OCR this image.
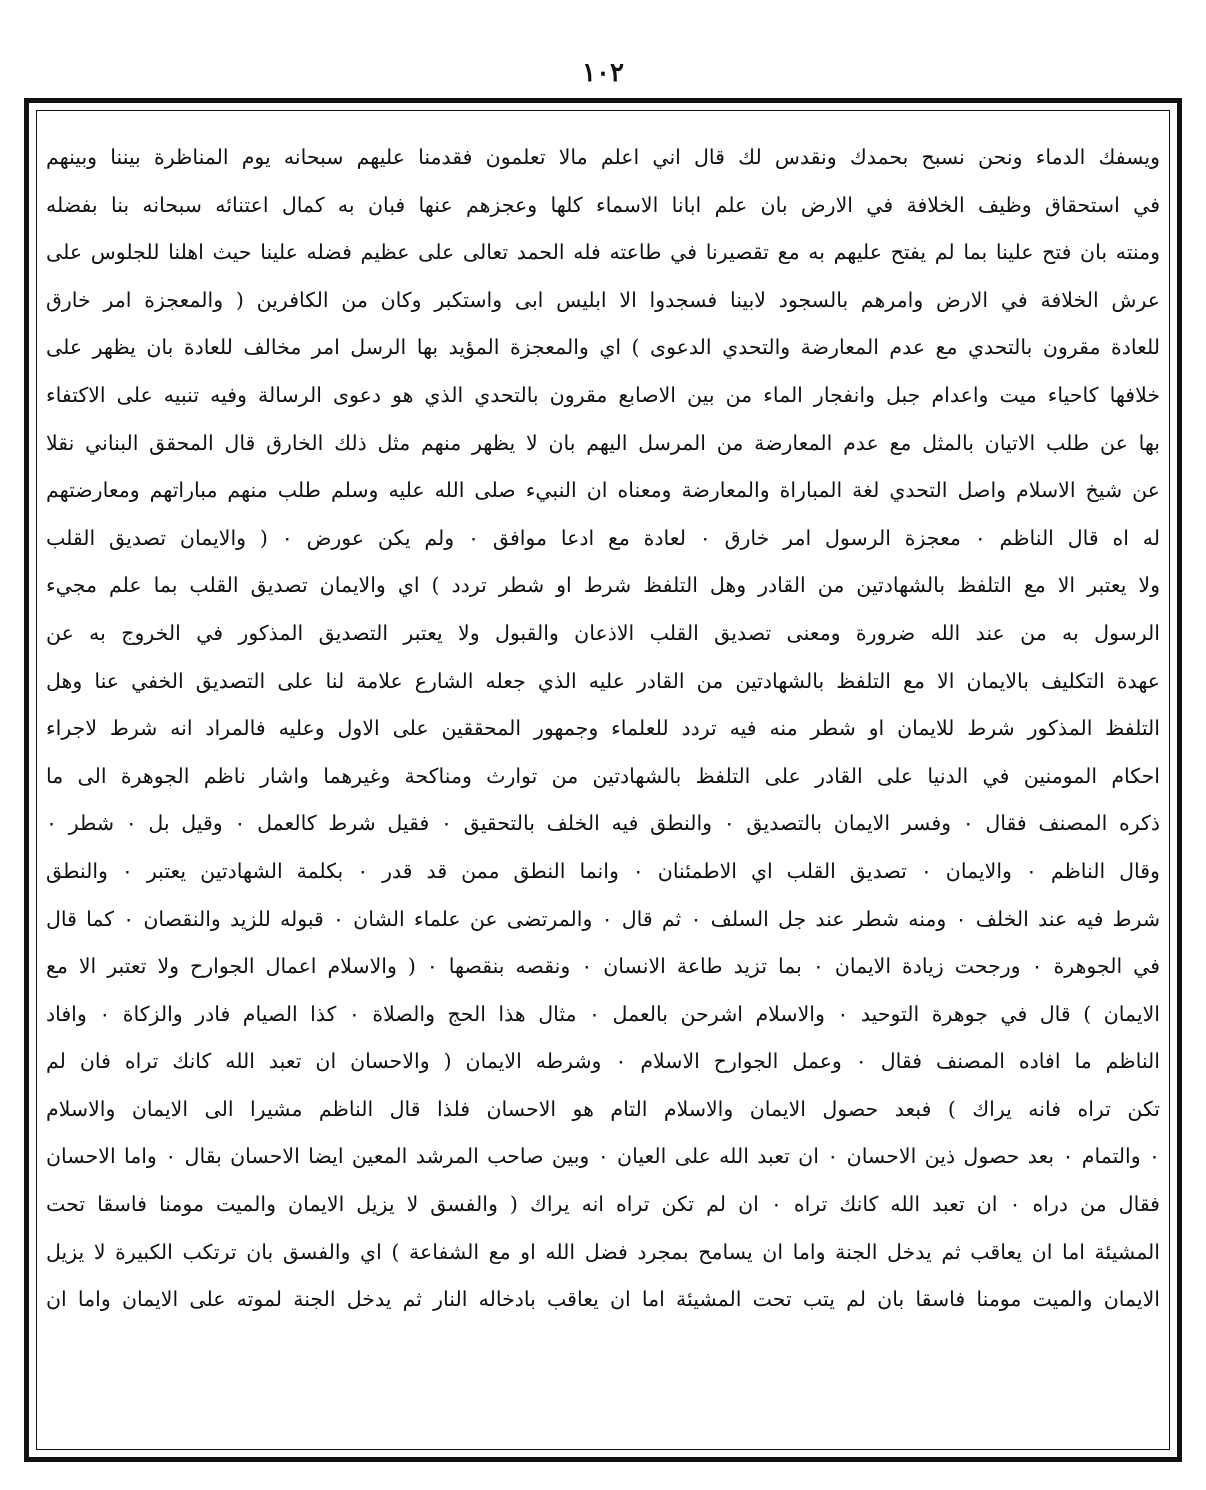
١٠٢
ويسفك الدماء ونحن نسبح بحمدك ونقدس لك قال اني اعلم مالا تعلمون فقدمنا عليهم سبحانه يوم المناظرة بيننا وبينهم
في استحقاق وظيف الخلافة في الارض بان علم ابانا الاسماء كلها وعجزهم عنها فبان به كمال اعتنائه سبحانه بنا بفضله
ومنته بان فتح علينا بما لم يفتح عليهم به مع تقصيرنا في طاعته فله الحمد تعالى على عظيم فضله علينا حيث اهلنا للجلوس على
عرش الخلافة في الارض وامرهم بالسجود لابينا فسجدوا الا ابليس ابى واستكبر وكان من الكافرين ( والمعجزة امر خارق
للعادة مقرون بالتحدي مع عدم المعارضة والتحدي الدعوى ) اي والمعجزة المؤيد بها الرسل امر مخالف للعادة بان يظهر على
خلافها كاحياء ميت واعدام جبل وانفجار الماء من بين الاصابع مقرون بالتحدي الذي هو دعوى الرسالة وفيه تنبيه على الاكتفاء
بها عن طلب الاتيان بالمثل مع عدم المعارضة من المرسل اليهم بان لا يظهر منهم مثل ذلك الخارق قال المحقق البناني نقلا
عن شيخ الاسلام واصل التحدي لغة المباراة والمعارضة ومعناه ان النبيء صلى الله عليه وسلم طلب منهم مباراتهم ومعارضتهم
له اه قال الناظم ٠ معجزة الرسول امر خارق ٠ لعادة مع ادعا موافق ٠ ولم يكن عورض ٠ ( والايمان تصديق القلب
ولا يعتبر الا مع التلفظ بالشهادتين من القادر وهل التلفظ شرط او شطر تردد ) اي والايمان تصديق القلب بما علم مجيء
الرسول به من عند الله ضرورة ومعنى تصديق القلب الاذعان والقبول ولا يعتبر التصديق المذكور في الخروج به عن
عهدة التكليف بالايمان الا مع التلفظ بالشهادتين من القادر عليه الذي جعله الشارع علامة لنا على التصديق الخفي عنا وهل
التلفظ المذكور شرط للايمان او شطر منه فيه تردد للعلماء وجمهور المحققين على الاول وعليه فالمراد انه شرط لاجراء
احكام المومنين في الدنيا على القادر على التلفظ بالشهادتين من توارث ومناكحة وغيرهما واشار ناظم الجوهرة الى ما
ذكره المصنف فقال ٠ وفسر الايمان بالتصديق ٠ والنطق فيه الخلف بالتحقيق ٠ فقيل شرط كالعمل ٠ وقيل بل ٠ شطر ٠
وقال الناظم ٠ والايمان ٠ تصديق القلب اي الاطمئنان ٠ وانما النطق ممن قد قدر ٠ بكلمة الشهادتين يعتبر ٠ والنطق
شرط فيه عند الخلف ٠ ومنه شطر عند جل السلف ٠ ثم قال ٠ والمرتضى عن علماء الشان ٠ قبوله للزيد والنقصان ٠ كما قال
في الجوهرة ٠ ورجحت زيادة الايمان ٠ بما تزيد طاعة الانسان ٠ ونقصه بنقصها ٠ ( والاسلام اعمال الجوارح ولا تعتبر الا مع
الايمان ) قال في جوهرة التوحيد ٠ والاسلام اشرحن بالعمل ٠ مثال هذا الحج والصلاة ٠ كذا الصيام فادر والزكاة ٠ وافاد
الناظم ما افاده المصنف فقال ٠ وعمل الجوارح الاسلام ٠ وشرطه الايمان ( والاحسان ان تعبد الله كانك تراه فان لم
تكن تراه فانه يراك ) فبعد حصول الايمان والاسلام التام هو الاحسان فلذا قال الناظم مشيرا الى الايمان والاسلام
٠ والتمام ٠ بعد حصول ذين الاحسان ٠ ان تعبد الله على العيان ٠ وبين صاحب المرشد المعين ايضا الاحسان بقال ٠ واما الاحسان
فقال من دراه ٠ ان تعبد الله كانك تراه ٠ ان لم تكن تراه انه يراك ( والفسق لا يزيل الايمان والميت مومنا فاسقا تحت
المشيئة اما ان يعاقب ثم يدخل الجنة واما ان يسامح بمجرد فضل الله او مع الشفاعة ) اي والفسق بان ترتكب الكبيرة لا يزيل
الايمان والميت مومنا فاسقا بان لم يتب تحت المشيئة اما ان يعاقب بادخاله النار ثم يدخل الجنة لموته على الايمان واما ان
